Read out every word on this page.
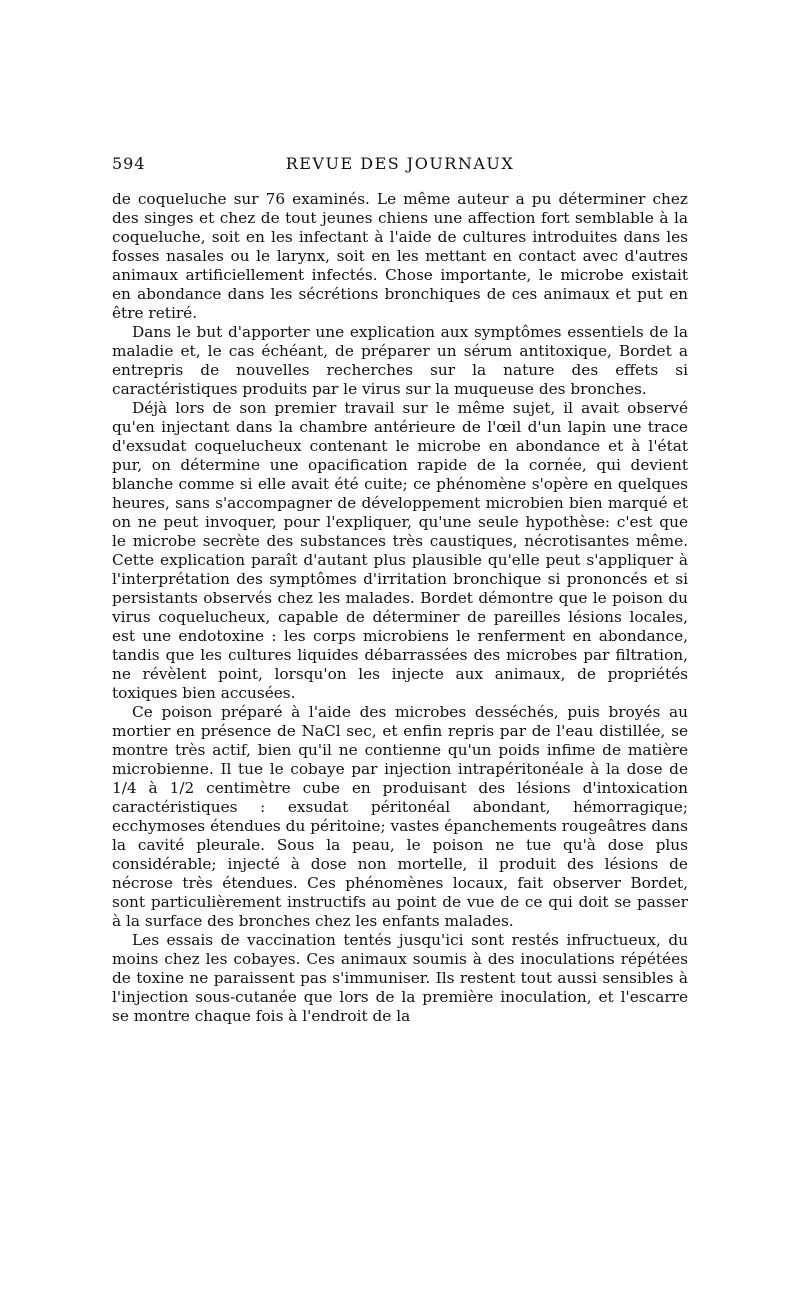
594	REVUE DES JOURNAUX

de coqueluche sur 76 examinés. Le même auteur a pu déterminer chez des singes et chez de tout jeunes chiens une affection fort semblable à la coqueluche, soit en les infectant à l'aide de cultures introduites dans les fosses nasales ou le larynx, soit en les mettant en contact avec d'autres animaux artificiellement infectés. Chose importante, le microbe existait en abondance dans les sécrétions bronchiques de ces animaux et put en être retiré.

Dans le but d'apporter une explication aux symptômes essentiels de la maladie et, le cas échéant, de préparer un sérum antitoxique, Bordet a entrepris de nouvelles recherches sur la nature des effets si caractéristiques produits par le virus sur la muqueuse des bronches.

Déjà lors de son premier travail sur le même sujet, il avait observé qu'en injectant dans la chambre antérieure de l'œil d'un lapin une trace d'exsudat coquelucheux contenant le microbe en abondance et à l'état pur, on détermine une opacification rapide de la cornée, qui devient blanche comme si elle avait été cuite; ce phénomène s'opère en quelques heures, sans s'accompagner de développement microbien bien marqué et on ne peut invoquer, pour l'expliquer, qu'une seule hypothèse: c'est que le microbe secrète des substances très caustiques, nécrotisantes même. Cette explication paraît d'autant plus plausible qu'elle peut s'appliquer à l'interprétation des symptômes d'irritation bronchique si prononcés et si persistants observés chez les malades. Bordet démontre que le poison du virus coquelucheux, capable de déterminer de pareilles lésions locales, est une endotoxine : les corps microbiens le renferment en abondance, tandis que les cultures liquides débarrassées des microbes par filtration, ne révèlent point, lorsqu'on les injecte aux animaux, de propriétés toxiques bien accusées.

Ce poison préparé à l'aide des microbes desséchés, puis broyés au mortier en présence de NaCl sec, et enfin repris par de l'eau distillée, se montre très actif, bien qu'il ne contienne qu'un poids infime de matière microbienne. Il tue le cobaye par injection intrapéritonéale à la dose de 1/4 à 1/2 centimètre cube en produisant des lésions d'intoxication caractéristiques : exsudat péritonéal abondant, hémorragique; ecchymoses étendues du péritoine; vastes épanchements rougeâtres dans la cavité pleurale. Sous la peau, le poison ne tue qu'à dose plus considérable; injecté à dose non mortelle, il produit des lésions de nécrose très étendues. Ces phénomènes locaux, fait observer Bordet, sont particulièrement instructifs au point de vue de ce qui doit se passer à la surface des bronches chez les enfants malades.

Les essais de vaccination tentés jusqu'ici sont restés infructueux, du moins chez les cobayes. Ces animaux soumis à des inoculations répétées de toxine ne paraissent pas s'immuniser. Ils restent tout aussi sensibles à l'injection sous-cutanée que lors de la première inoculation, et l'escarre se montre chaque fois à l'endroit de la
